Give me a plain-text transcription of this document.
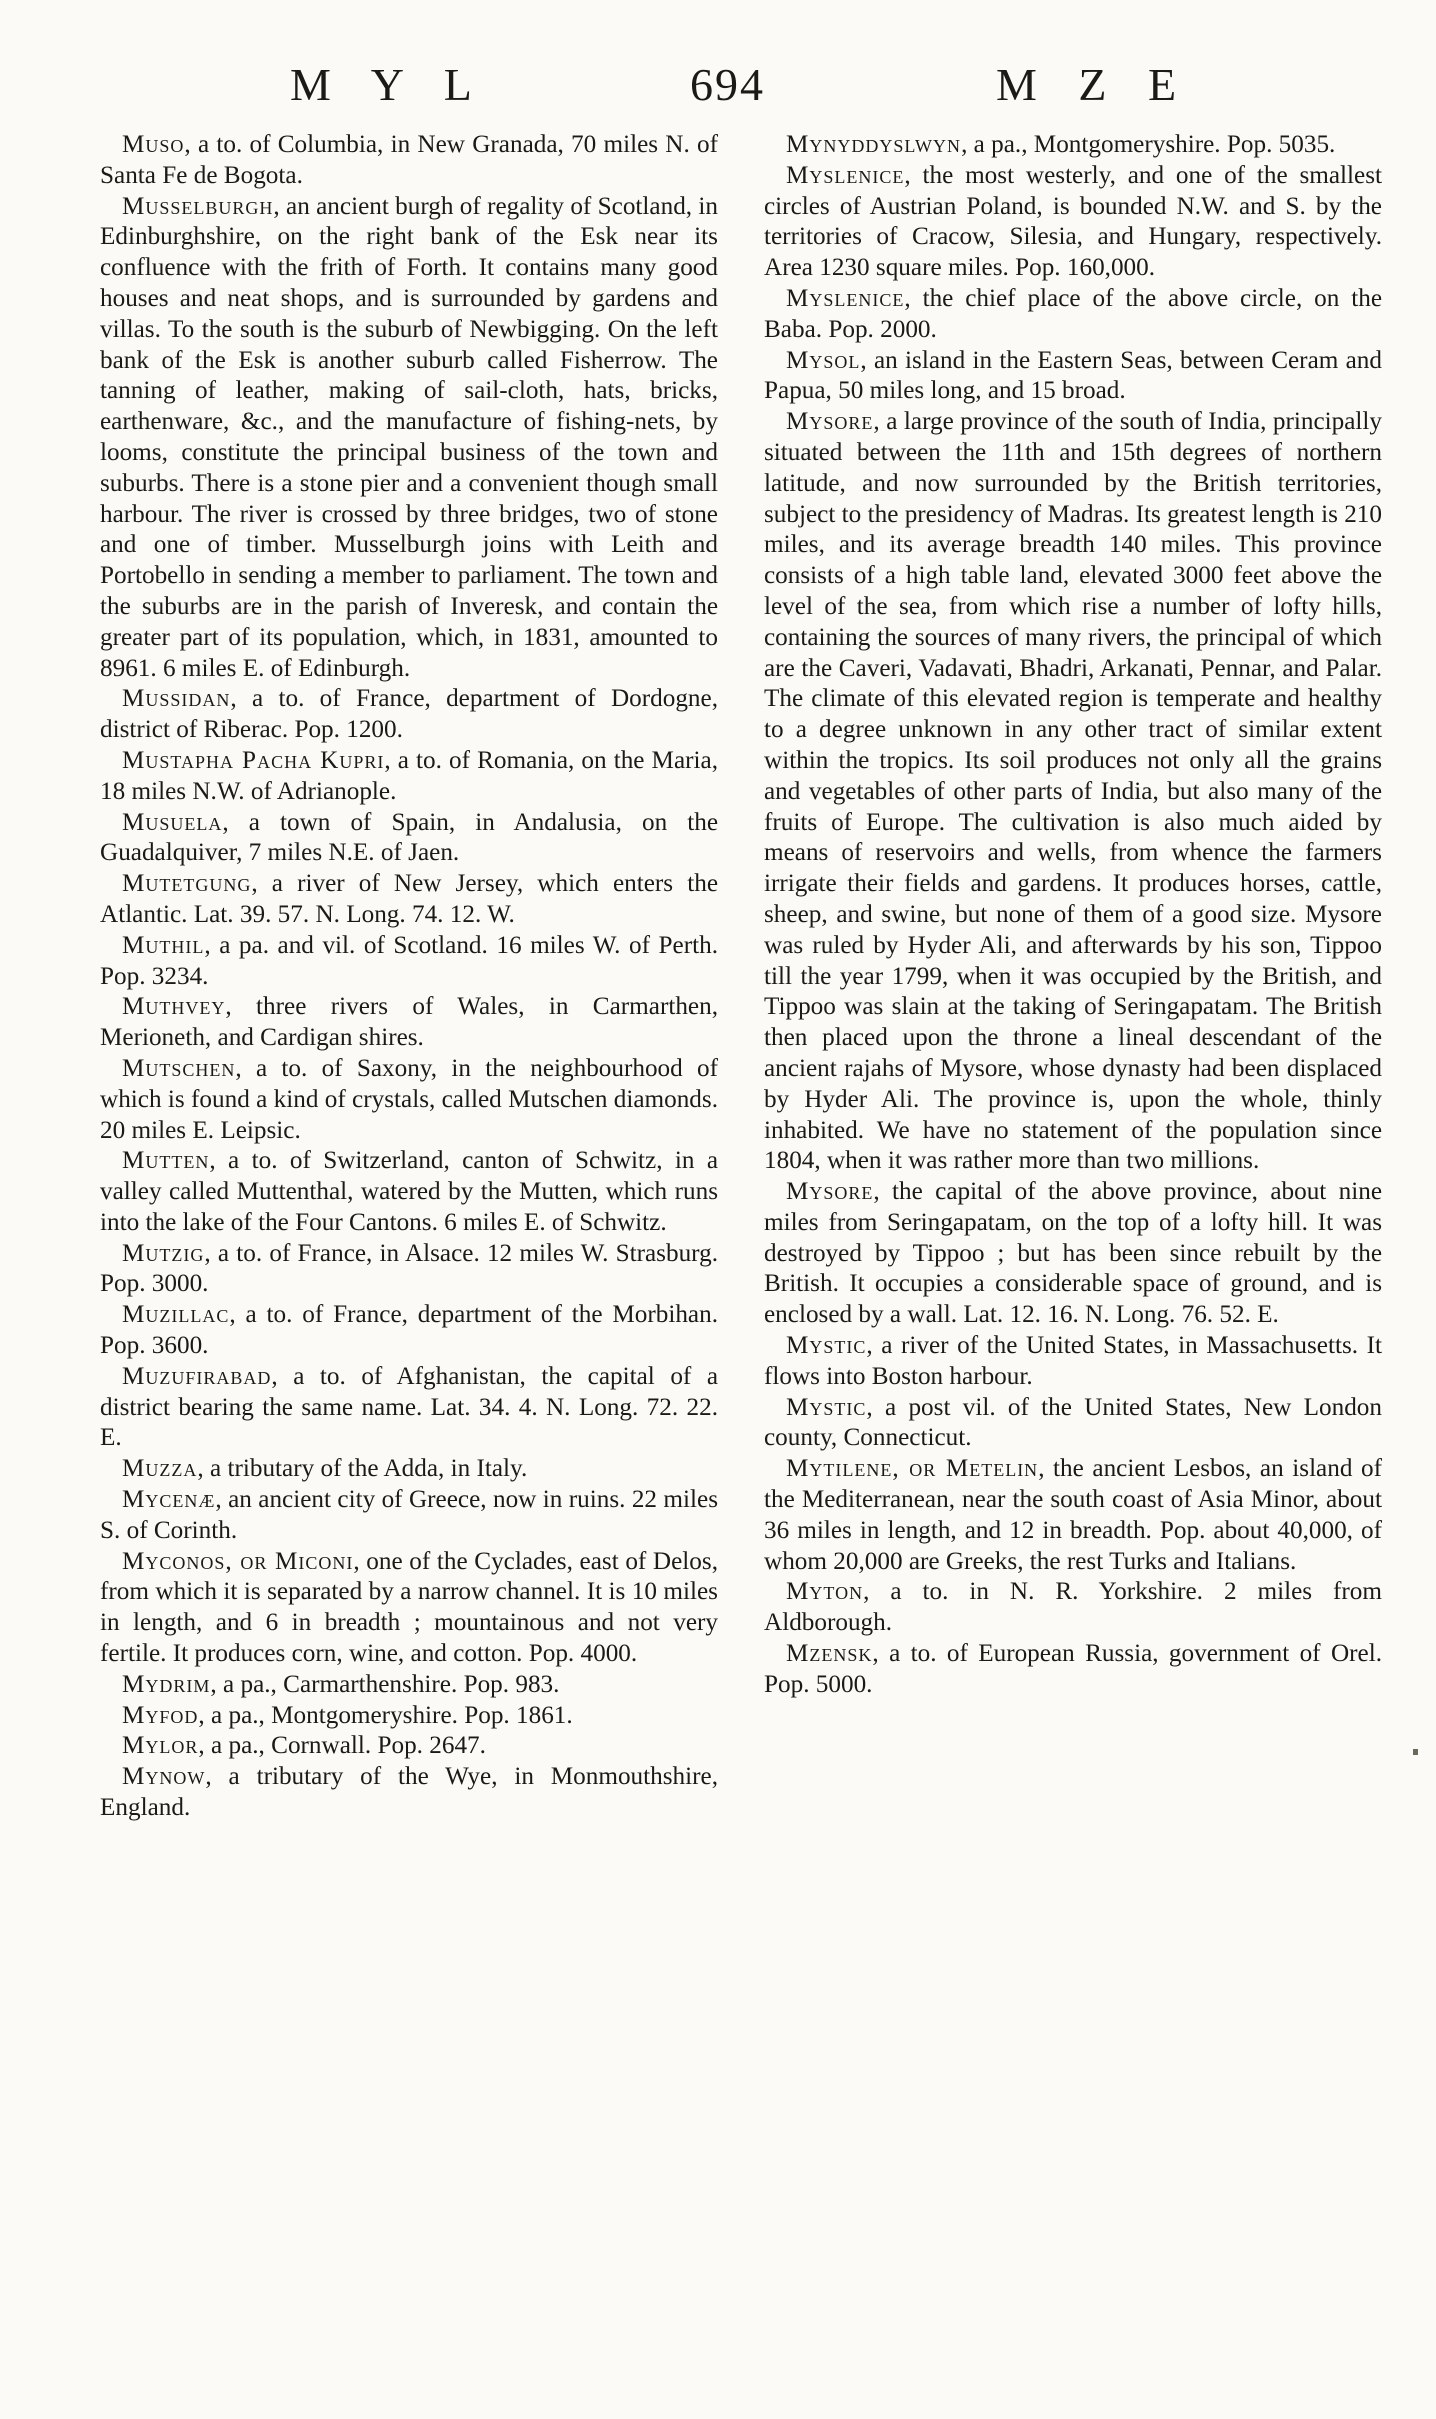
M Y L	694	M Z E

Muso, a to. of Columbia, in New Granada, 70 miles N. of Santa Fe de Bogota.

Musselburgh, an ancient burgh of regality of Scotland, in Edinburghshire, on the right bank of the Esk near its confluence with the frith of Forth. It contains many good houses and neat shops, and is surrounded by gardens and villas. To the south is the suburb of Newbigging. On the left bank of the Esk is another suburb called Fisherrow. The tanning of leather, making of sail-cloth, hats, bricks, earthenware, &c., and the manufacture of fishing-nets, by looms, constitute the principal business of the town and suburbs. There is a stone pier and a convenient though small harbour. The river is crossed by three bridges, two of stone and one of timber. Musselburgh joins with Leith and Portobello in sending a member to parliament. The town and the suburbs are in the parish of Inveresk, and contain the greater part of its population, which, in 1831, amounted to 8961. 6 miles E. of Edinburgh.

Mussidan, a to. of France, department of Dordogne, district of Riberac. Pop. 1200.

Mustapha Pacha Kupri, a to. of Romania, on the Maria, 18 miles N.W. of Adrianople.

Musuela, a town of Spain, in Andalusia, on the Guadalquiver, 7 miles N.E. of Jaen.

Mutetgung, a river of New Jersey, which enters the Atlantic. Lat. 39. 57. N. Long. 74. 12. W.

Muthil, a pa. and vil. of Scotland. 16 miles W. of Perth. Pop. 3234.

Muthvey, three rivers of Wales, in Carmarthen, Merioneth, and Cardigan shires.

Mutschen, a to. of Saxony, in the neighbourhood of which is found a kind of crystals, called Mutschen diamonds. 20 miles E. Leipsic.

Mutten, a to. of Switzerland, canton of Schwitz, in a valley called Muttenthal, watered by the Mutten, which runs into the lake of the Four Cantons. 6 miles E. of Schwitz.

Mutzig, a to. of France, in Alsace. 12 miles W. Strasburg. Pop. 3000.

Muzillac, a to. of France, department of the Morbihan. Pop. 3600.

Muzufirabad, a to. of Afghanistan, the capital of a district bearing the same name. Lat. 34. 4. N. Long. 72. 22. E.

Muzza, a tributary of the Adda, in Italy.

Mycenæ, an ancient city of Greece, now in ruins. 22 miles S. of Corinth.

Myconos, or Miconi, one of the Cyclades, east of Delos, from which it is separated by a narrow channel. It is 10 miles in length, and 6 in breadth ; mountainous and not very fertile. It produces corn, wine, and cotton. Pop. 4000.

Mydrim, a pa., Carmarthenshire. Pop. 983.

Myfod, a pa., Montgomeryshire. Pop. 1861.

Mylor, a pa., Cornwall. Pop. 2647.

Mynow, a tributary of the Wye, in Monmouthshire, England.

Mynyddyslwyn, a pa., Montgomeryshire. Pop. 5035.

Myslenice, the most westerly, and one of the smallest circles of Austrian Poland, is bounded N.W. and S. by the territories of Cracow, Silesia, and Hungary, respectively. Area 1230 square miles. Pop. 160,000.

Myslenice, the chief place of the above circle, on the Baba. Pop. 2000.

Mysol, an island in the Eastern Seas, between Ceram and Papua, 50 miles long, and 15 broad.

Mysore, a large province of the south of India, principally situated between the 11th and 15th degrees of northern latitude, and now surrounded by the British territories, subject to the presidency of Madras. Its greatest length is 210 miles, and its average breadth 140 miles. This province consists of a high table land, elevated 3000 feet above the level of the sea, from which rise a number of lofty hills, containing the sources of many rivers, the principal of which are the Caveri, Vadavati, Bhadri, Arkanati, Pennar, and Palar. The climate of this elevated region is temperate and healthy to a degree unknown in any other tract of similar extent within the tropics. Its soil produces not only all the grains and vegetables of other parts of India, but also many of the fruits of Europe. The cultivation is also much aided by means of reservoirs and wells, from whence the farmers irrigate their fields and gardens. It produces horses, cattle, sheep, and swine, but none of them of a good size. Mysore was ruled by Hyder Ali, and afterwards by his son, Tippoo till the year 1799, when it was occupied by the British, and Tippoo was slain at the taking of Seringapatam. The British then placed upon the throne a lineal descendant of the ancient rajahs of Mysore, whose dynasty had been displaced by Hyder Ali. The province is, upon the whole, thinly inhabited. We have no statement of the population since 1804, when it was rather more than two millions.

Mysore, the capital of the above province, about nine miles from Seringapatam, on the top of a lofty hill. It was destroyed by Tippoo ; but has been since rebuilt by the British. It occupies a considerable space of ground, and is enclosed by a wall. Lat. 12. 16. N. Long. 76. 52. E.

Mystic, a river of the United States, in Massachusetts. It flows into Boston harbour.

Mystic, a post vil. of the United States, New London county, Connecticut.

Mytilene, or Metelin, the ancient Lesbos, an island of the Mediterranean, near the south coast of Asia Minor, about 36 miles in length, and 12 in breadth. Pop. about 40,000, of whom 20,000 are Greeks, the rest Turks and Italians.

Myton, a to. in N. R. Yorkshire. 2 miles from Aldborough.

Mzensk, a to. of European Russia, government of Orel. Pop. 5000.
